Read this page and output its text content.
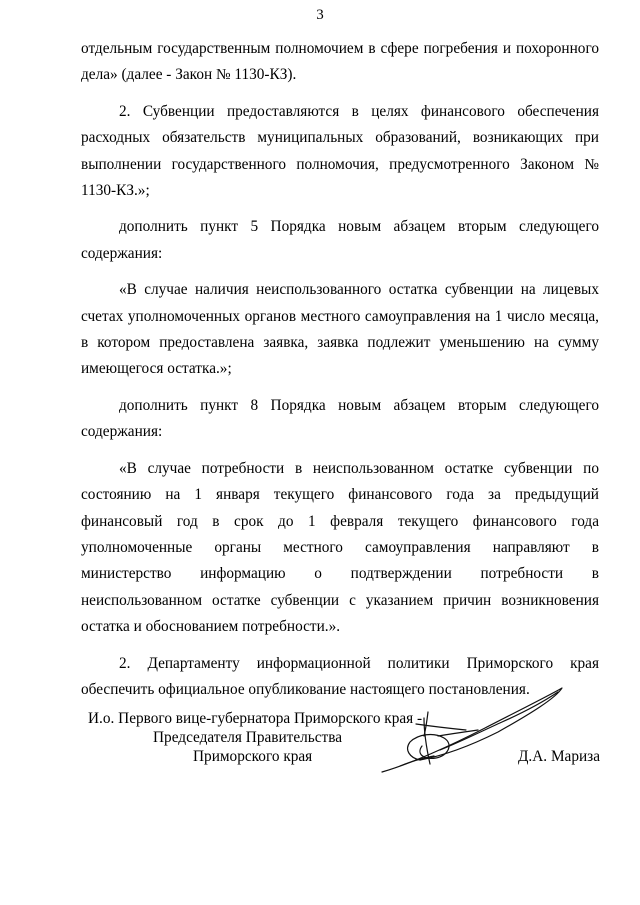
3

отдельным государственным полномочием в сфере погребения и похоронного дела» (далее - Закон № 1130-КЗ).

2. Субвенции предоставляются в целях финансового обеспечения расходных обязательств муниципальных образований, возникающих при выполнении государственного полномочия, предусмотренного Законом № 1130-КЗ.»;

дополнить пункт 5 Порядка новым абзацем вторым следующего содержания:

«В случае наличия неиспользованного остатка субвенции на лицевых счетах уполномоченных органов местного самоуправления на 1 число месяца, в котором предоставлена заявка, заявка подлежит уменьшению на сумму имеющегося остатка.»;

дополнить пункт 8 Порядка новым абзацем вторым следующего содержания:

«В случае потребности в неиспользованном остатке субвенции по состоянию на 1 января текущего финансового года за предыдущий финансовый год в срок до 1 февраля текущего финансового года уполномоченные органы местного самоуправления направляют в министерство информацию о подтверждении потребности в неиспользованном остатке субвенции с указанием причин возникновения остатка и обоснованием потребности.».

2. Департаменту информационной политики Приморского края обеспечить официальное опубликование настоящего постановления.

И.о. Первого вице-губернатора Приморского края -
Председателя Правительства
Приморского края	Д.А. Мариза
